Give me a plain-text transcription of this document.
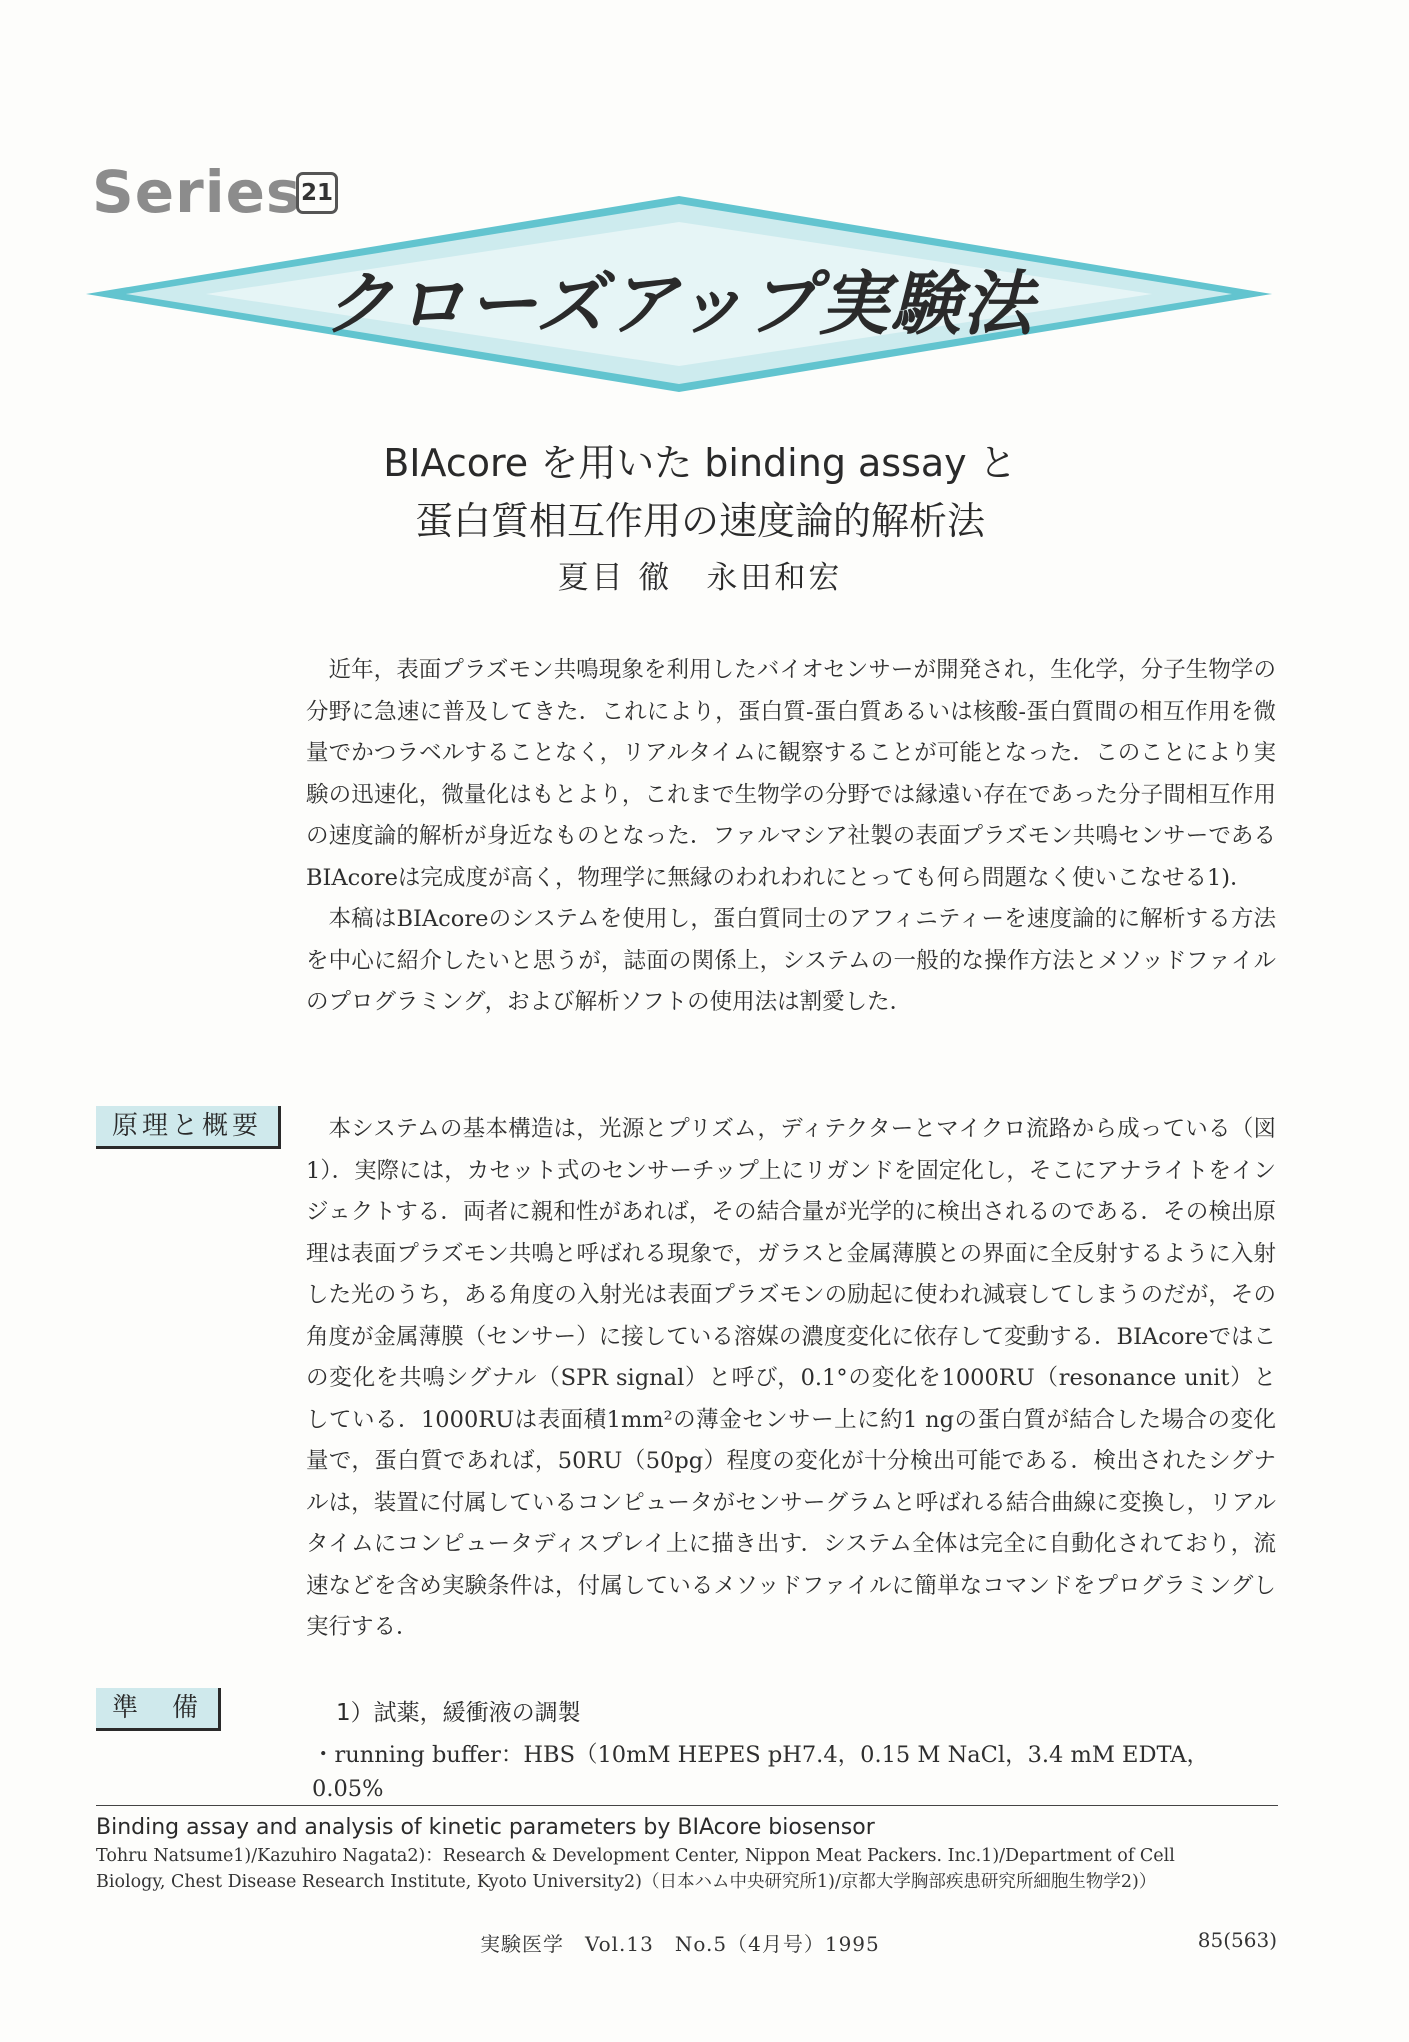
Series 21
クローズアップ実験法
BIAcore を用いた binding assay と
蛋白質相互作用の速度論的解析法
夏目 徹　永田和宏

近年，表面プラズモン共鳴現象を利用したバイオセンサーが開発され，生化学，分子生物学の分野に急速に普及してきた．これにより，蛋白質-蛋白質あるいは核酸-蛋白質間の相互作用を微量でかつラベルすることなく，リアルタイムに観察することが可能となった．このことにより実験の迅速化，微量化はもとより，これまで生物学の分野では縁遠い存在であった分子間相互作用の速度論的解析が身近なものとなった．ファルマシア社製の表面プラズモン共鳴センサーであるBIAcoreは完成度が高く，物理学に無縁のわれわれにとっても何ら問題なく使いこなせる1)．

本稿はBIAcoreのシステムを使用し，蛋白質同士のアフィニティーを速度論的に解析する方法を中心に紹介したいと思うが，誌面の関係上，システムの一般的な操作方法とメソッドファイルのプログラミング，および解析ソフトの使用法は割愛した．

原理と概要	本システムの基本構造は，光源とプリズム，ディテクターとマイクロ流路から成っている（図1）．実際には，カセット式のセンサーチップ上にリガンドを固定化し，そこにアナライトをインジェクトする．両者に親和性があれば，その結合量が光学的に検出されるのである．その検出原理は表面プラズモン共鳴と呼ばれる現象で，ガラスと金属薄膜との界面に全反射するように入射した光のうち，ある角度の入射光は表面プラズモンの励起に使われ減衰してしまうのだが，その角度が金属薄膜（センサー）に接している溶媒の濃度変化に依存して変動する．BIAcoreではこの変化を共鳴シグナル（SPR signal）と呼び，0.1°の変化を1000RU（resonance unit）としている．1000RUは表面積1mm²の薄金センサー上に約1 ngの蛋白質が結合した場合の変化量で，蛋白質であれば，50RU（50pg）程度の変化が十分検出可能である．検出されたシグナルは，装置に付属しているコンピュータがセンサーグラムと呼ばれる結合曲線に変換し，リアルタイムにコンピュータディスプレイ上に描き出す．システム全体は完全に自動化されており，流速などを含め実験条件は，付属しているメソッドファイルに簡単なコマンドをプログラミングし実行する．

準　備	1）試薬，緩衝液の調製
・running buffer：HBS（10mM HEPES pH7.4，0.15 M NaCl，3.4 mM EDTA，0.05%
Binding assay and analysis of kinetic parameters by BIAcore biosensor
Tohru Natsume1)/Kazuhiro Nagata2)：Research & Development Center, Nippon Meat Packers. Inc.1)/Department of Cell
Biology, Chest Disease Research Institute, Kyoto University2)（日本ハム中央研究所1)/京都大学胸部疾患研究所細胞生物学2)）
実験医学　Vol.13　No.5（4月号）1995	85(563)
